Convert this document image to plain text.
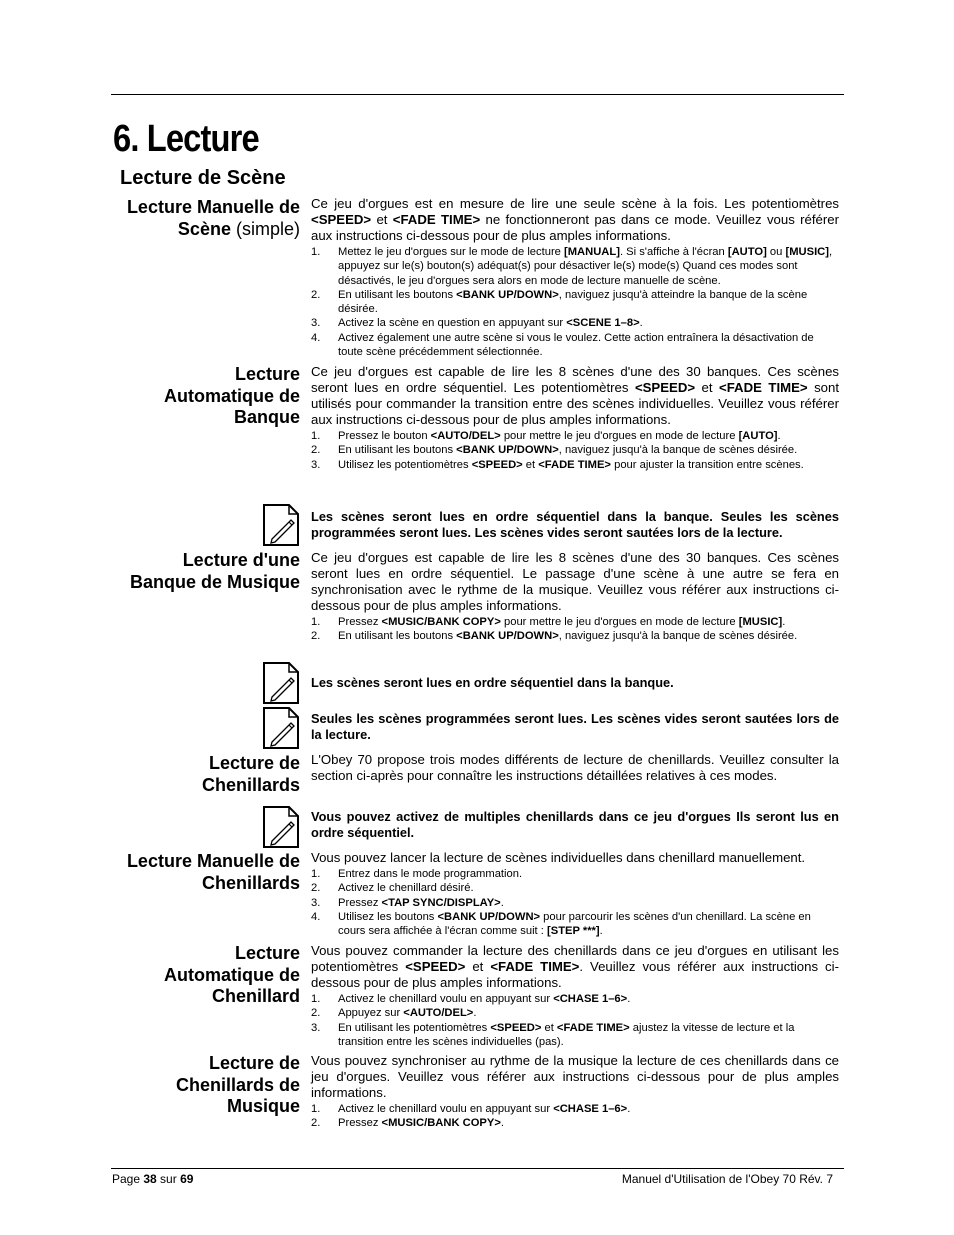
6. Lecture
Lecture de Scène
Lecture Manuelle de
Scène (simple)
Ce jeu d'orgues est en mesure de lire une seule scène à la fois. Les potentiomètres <SPEED> et <FADE TIME> ne fonctionneront pas dans ce mode. Veuillez vous référer aux instructions ci-dessous pour de plus amples informations.
1. Mettez le jeu d'orgues sur le mode de lecture [MANUAL]. Si s'affiche à l'écran [AUTO] ou [MUSIC], appuyez sur le(s) bouton(s) adéquat(s) pour désactiver le(s) mode(s) Quand ces modes sont désactivés, le jeu d'orgues sera alors en mode de lecture manuelle de scène.
2. En utilisant les boutons <BANK UP/DOWN>, naviguez jusqu'à atteindre la banque de la scène désirée.
3. Activez la scène en question en appuyant sur <SCENE 1–8>.
4. Activez également une autre scène si vous le voulez. Cette action entraînera la désactivation de toute scène précédemment sélectionnée.
Lecture
Automatique de
Banque
Ce jeu d'orgues est capable de lire les 8 scènes d'une des 30 banques. Ces scènes seront lues en ordre séquentiel. Les potentiomètres <SPEED> et <FADE TIME> sont utilisés pour commander la transition entre des scènes individuelles. Veuillez vous référer aux instructions ci-dessous pour de plus amples informations.
1. Pressez le bouton <AUTO/DEL> pour mettre le jeu d'orgues en mode de lecture [AUTO].
2. En utilisant les boutons <BANK UP/DOWN>, naviguez jusqu'à la banque de scènes désirée.
3. Utilisez les potentiomètres <SPEED> et <FADE TIME> pour ajuster la transition entre scènes.
Les scènes seront lues en ordre séquentiel dans la banque. Seules les scènes programmées seront lues. Les scènes vides seront sautées lors de la lecture.
Lecture d'une
Banque de Musique
Ce jeu d'orgues est capable de lire les 8 scènes d'une des 30 banques. Ces scènes seront lues en ordre séquentiel. Le passage d'une scène à une autre se fera en synchronisation avec le rythme de la musique. Veuillez vous référer aux instructions ci-dessous pour de plus amples informations.
1. Pressez <MUSIC/BANK COPY> pour mettre le jeu d'orgues en mode de lecture [MUSIC].
2. En utilisant les boutons <BANK UP/DOWN>, naviguez jusqu'à la banque de scènes désirée.
Les scènes seront lues en ordre séquentiel dans la banque.
Seules les scènes programmées seront lues. Les scènes vides seront sautées lors de la lecture.
Lecture de
Chenillards
L'Obey 70 propose trois modes différents de lecture de chenillards. Veuillez consulter la section ci-après pour connaître les instructions détaillées relatives à ces modes.
Vous pouvez activez de multiples chenillards dans ce jeu d'orgues Ils seront lus en ordre séquentiel.
Lecture Manuelle de
Chenillards
Vous pouvez lancer la lecture de scènes individuelles dans chenillard manuellement.
1. Entrez dans le mode programmation.
2. Activez le chenillard désiré.
3. Pressez <TAP SYNC/DISPLAY>.
4. Utilisez les boutons <BANK UP/DOWN> pour parcourir les scènes d'un chenillard. La scène en cours sera affichée à l'écran comme suit : [STEP ***].
Lecture
Automatique de
Chenillard
Vous pouvez commander la lecture des chenillards dans ce jeu d'orgues en utilisant les potentiomètres <SPEED> et <FADE TIME>. Veuillez vous référer aux instructions ci-dessous pour de plus amples informations.
1. Activez le chenillard voulu en appuyant sur <CHASE 1–6>.
2. Appuyez sur <AUTO/DEL>.
3. En utilisant les potentiomètres <SPEED> et <FADE TIME> ajustez la vitesse de lecture et la transition entre les scènes individuelles (pas).
Lecture de
Chenillards de
Musique
Vous pouvez synchroniser au rythme de la musique la lecture de ces chenillards dans ce jeu d'orgues. Veuillez vous référer aux instructions ci-dessous pour de plus amples informations.
1. Activez le chenillard voulu en appuyant sur <CHASE 1–6>.
2. Pressez <MUSIC/BANK COPY>.
Page 38 sur 69	Manuel d'Utilisation de l'Obey 70 Rév. 7
